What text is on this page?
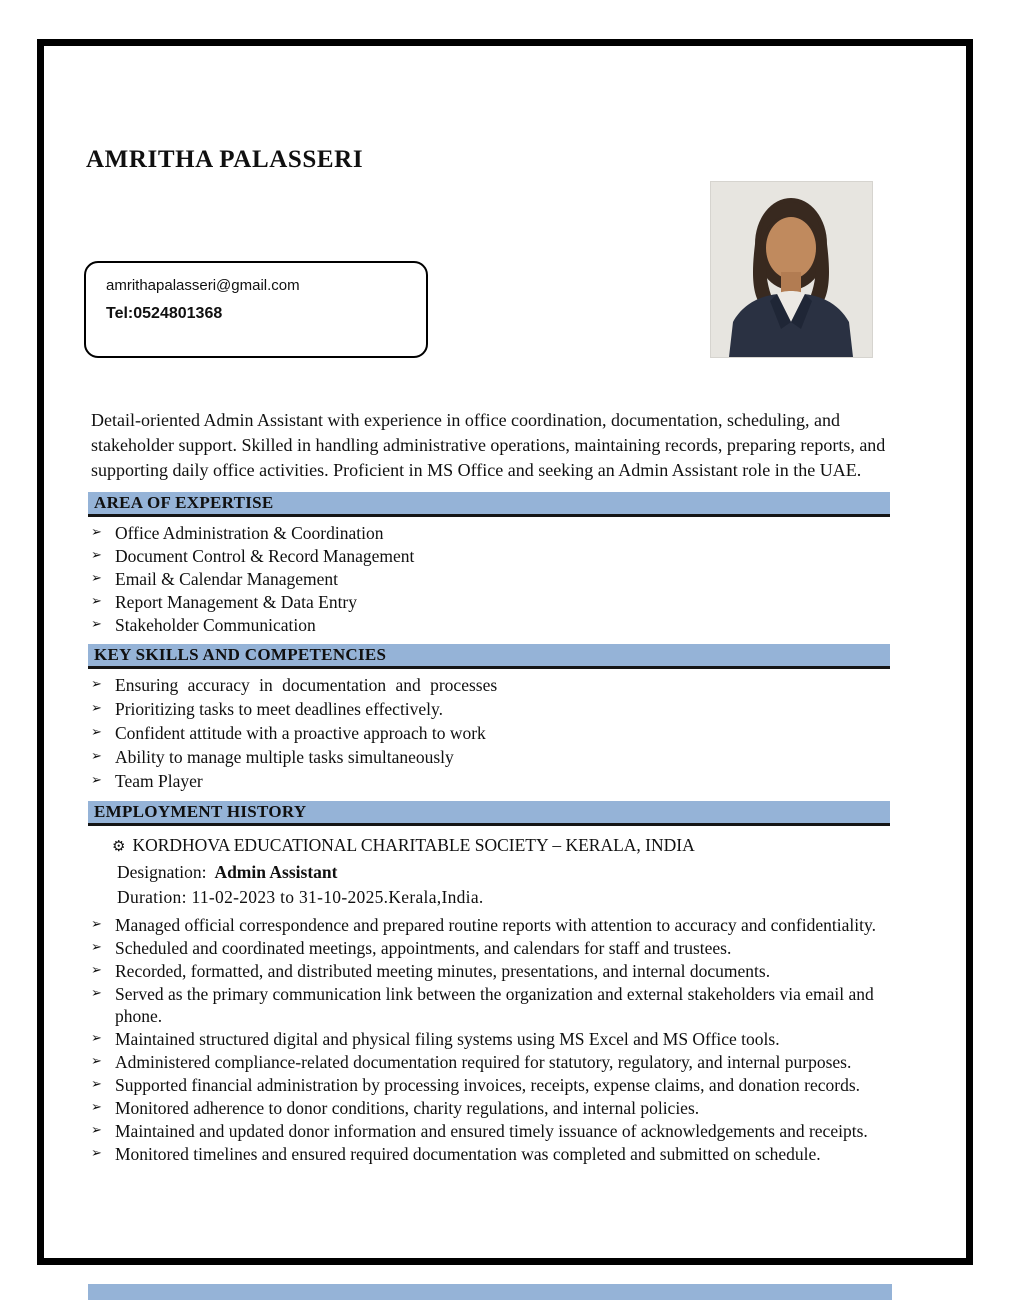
AMRITHA PALASSERI
amrithapalasseri@gmail.com
Tel:0524801368

Detail-oriented Admin Assistant with experience in office coordination, documentation, scheduling, and stakeholder support. Skilled in handling administrative operations, maintaining records, preparing reports, and supporting daily office activities. Proficient in MS Office and seeking an Admin Assistant role in the UAE.

AREA OF EXPERTISE
➢ Office Administration & Coordination
➢ Document Control & Record Management
➢ Email & Calendar Management
➢ Report Management & Data Entry
➢ Stakeholder Communication
KEY SKILLS AND COMPETENCIES
➢ Ensuring accuracy in documentation and processes
➢ Prioritizing tasks to meet deadlines effectively.
➢ Confident attitude with a proactive approach to work
➢ Ability to manage multiple tasks simultaneously
➢ Team Player
EMPLOYMENT HISTORY
⚙ KORDHOVA EDUCATIONAL CHARITABLE SOCIETY – KERALA, INDIA
Designation: Admin Assistant
Duration: 11-02-2023 to 31-10-2025.Kerala,India.
➢ Managed official correspondence and prepared routine reports with attention to accuracy and confidentiality.
➢ Scheduled and coordinated meetings, appointments, and calendars for staff and trustees.
➢ Recorded, formatted, and distributed meeting minutes, presentations, and internal documents.
➢ Served as the primary communication link between the organization and external stakeholders via email and phone.
➢ Maintained structured digital and physical filing systems using MS Excel and MS Office tools.
➢ Administered compliance-related documentation required for statutory, regulatory, and internal purposes.
➢ Supported financial administration by processing invoices, receipts, expense claims, and donation records.
➢ Monitored adherence to donor conditions, charity regulations, and internal policies.
➢ Maintained and updated donor information and ensured timely issuance of acknowledgements and receipts.
➢ Monitored timelines and ensured required documentation was completed and submitted on schedule.
